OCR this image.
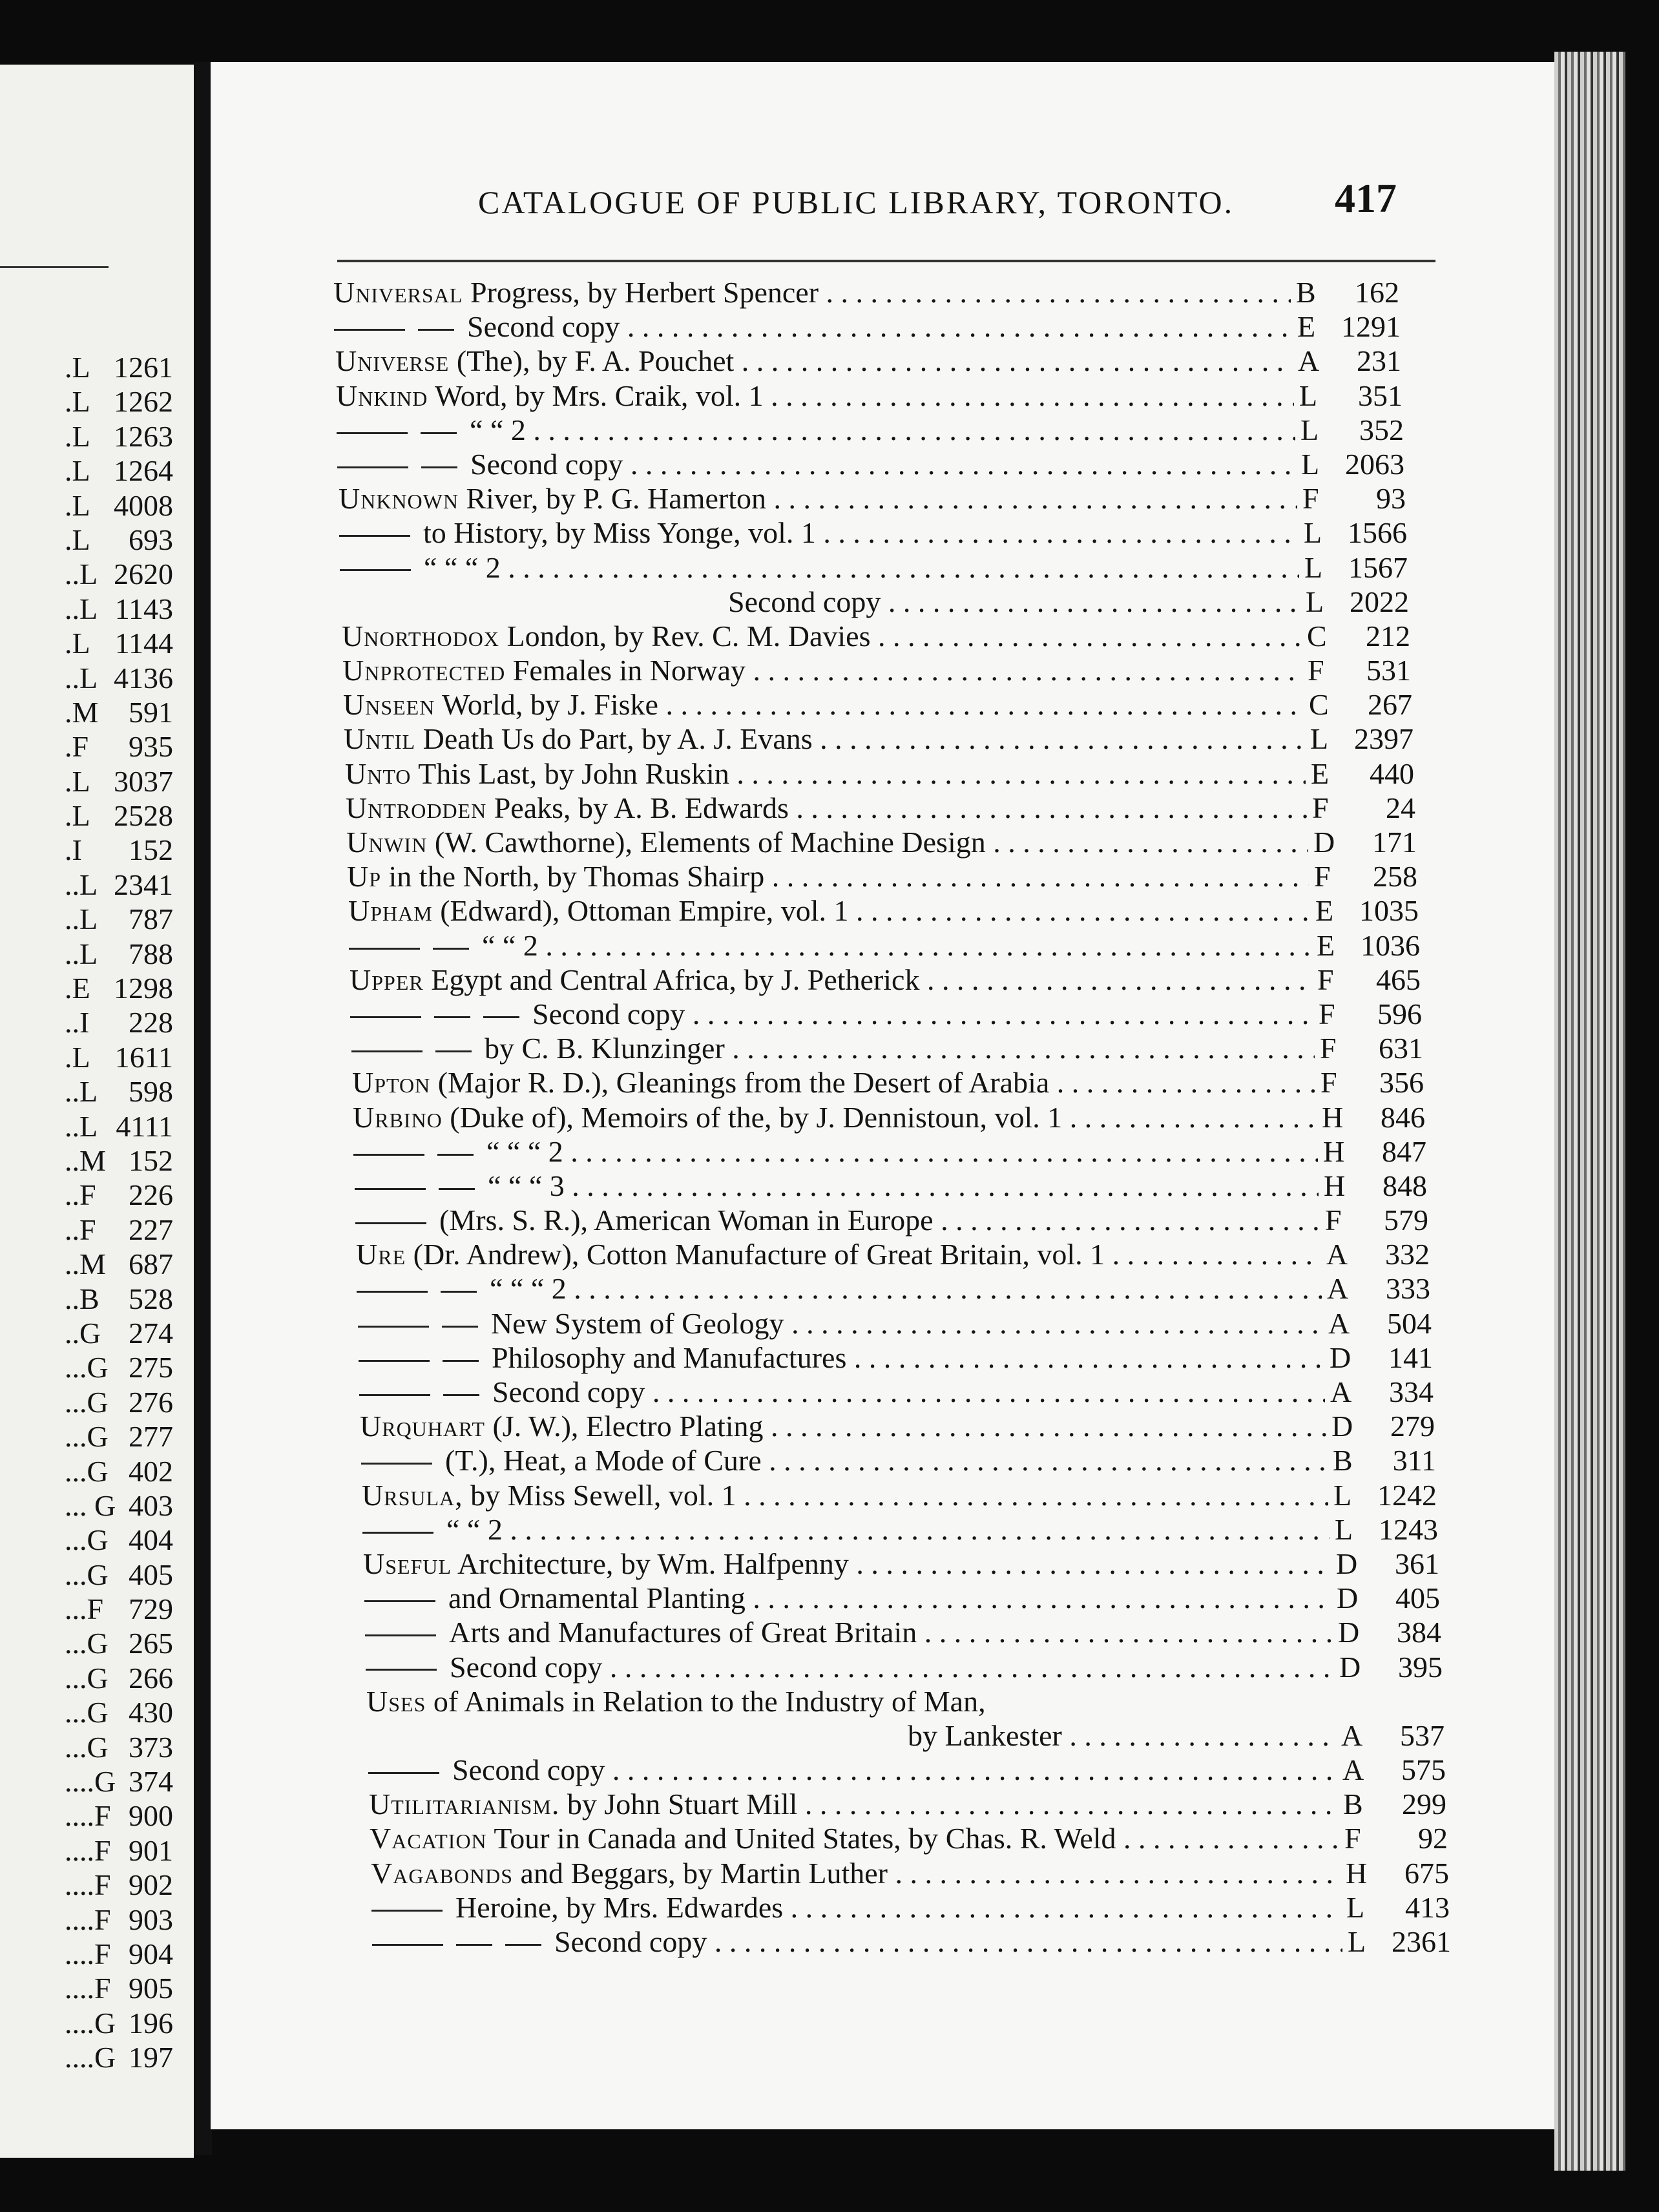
.L 1261
.L 1262
.L 1263
.L 1264
.L 4008
.L	693
..L 2620
..L 1143
.L 1144
..L 4136
.M	591
.F	935
.L 3037
.L 2528
.I	152
..L 2341
..L	787
..L	788
.E 1298
..I	228
.L 1611
..L	598
..L 4111
..M 152
..F	226
..F	227
..M 687
..B 528
..G 274
...G 275
...G 276
...G 277
...G 402
... G 403
...G 404
...G 405
...F 729
...G 265
...G 266
...G 430
...G 373
....G 374
....F 900
....F 901
....F 902
....F 903
....F 904
....F 905
....G 196
....G 197
CATALOGUE OF PUBLIC LIBRARY, TORONTO. 417
Universal Progress, by Herbert Spencer . . .	B	162
Second copy . . .	E 1291
Universe (The), by F. A. Pouchet . . .	A	231
Unkind Word, by Mrs. Craik, vol. 1 . . .	L	351
“ “ 2 . . .	L	352
Second copy . . .	L 2063
Unknown River, by P. G. Hamerton . . .	F	93
to History, by Miss Yonge, vol. 1 . . .	L 1566
“ “ “ 2 . . .	L 1567
Second copy . . .	L 2022
Unorthodox London, by Rev. C. M. Davies . . .	C	212
Unprotected Females in Norway . . .	F	531
Unseen World, by J. Fiske . . .	C	267
Until Death Us do Part, by A. J. Evans . . .	L 2397
Unto This Last, by John Ruskin . . .	E	440
Untrodden Peaks, by A. B. Edwards . . .	F	24
Unwin (W. Cawthorne), Elements of Machine Design . . .	D	171
Up in the North, by Thomas Shairp . . .	F	258
Upham (Edward), Ottoman Empire, vol. 1 . . .	E 1035
“ “ 2 . . .	E 1036
Upper Egypt and Central Africa, by J. Petherick . . .	F	465
Second copy . . .	F	596
by C. B. Klunzinger . . .	F	631
Upton (Major R. D.), Gleanings from the Desert of Arabia . . .	F	356
Urbino (Duke of), Memoirs of the, by J. Dennistoun, vol. 1 . . .	H	846
“ “ “ 2 . . .	H	847
“ “ “ 3 . . .	H	848
(Mrs. S. R.), American Woman in Europe . . .	F	579
Ure (Dr. Andrew), Cotton Manufacture of Great Britain, vol. 1 . . .	A	332
“ “ “ 2 . . .	A	333
New System of Geology . . .	A	504
Philosophy and Manufactures . . .	D	141
Second copy . . .	A	334
Urquhart (J. W.), Electro Plating . . .	D	279
(T.), Heat, a Mode of Cure . . .	B	311
Ursula, by Miss Sewell, vol. 1 . . .	L 1242
“ “ 2 . . .	L 1243
Useful Architecture, by Wm. Halfpenny . . .	D	361
and Ornamental Planting . . .	D	405
Arts and Manufactures of Great Britain . . .	D	384
Second copy . . .	D	395
Uses of Animals in Relation to the Industry of Man,
by Lankester . . .	A	537
Second copy . . .	A	575
Utilitarianism. by John Stuart Mill . . .	B	299
Vacation Tour in Canada and United States, by Chas. R. Weld . . .	F	92
Vagabonds and Beggars, by Martin Luther . . .	H	675
Heroine, by Mrs. Edwardes . . .	L	413
Second copy . . .	L 2361
